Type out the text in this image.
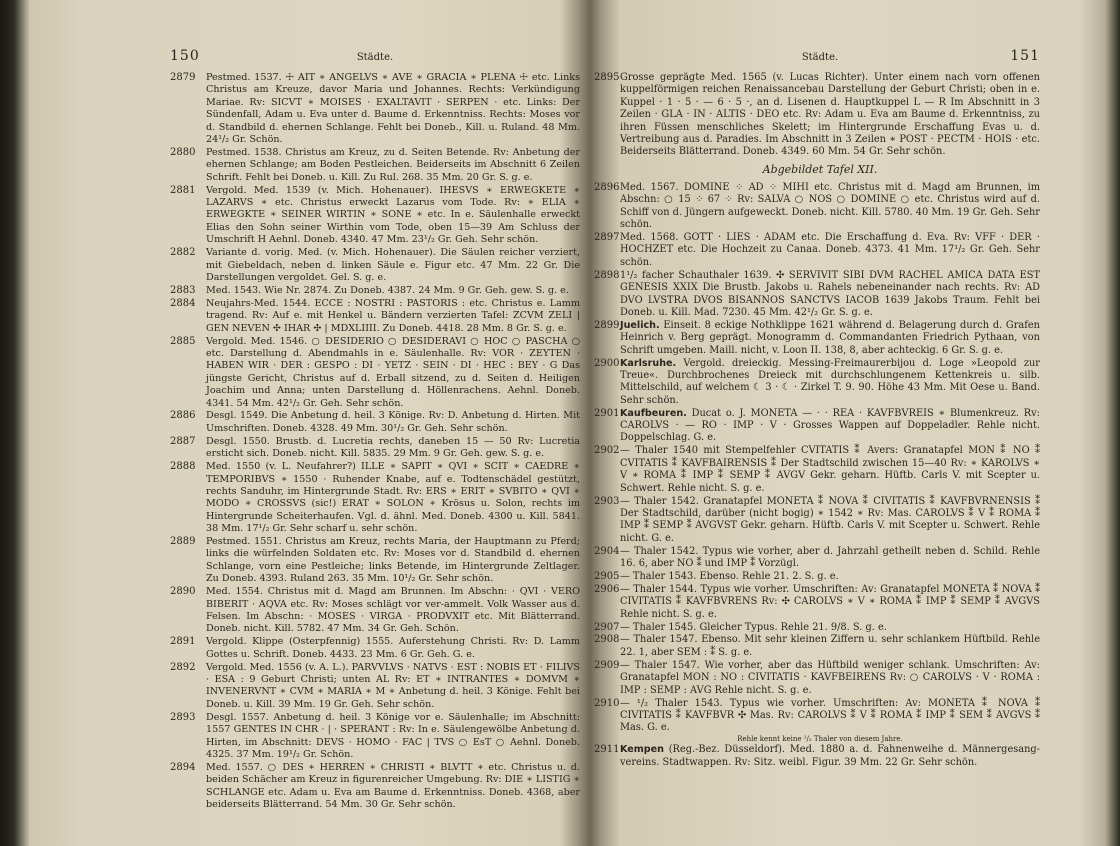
150	Städte.
2879 Pestmed. 1537. ☩ AIT ∗ ANGELVS ∗ AVE ∗ GRACIA ∗ PLENA ☩ etc. Links Christus am Kreuze, davor Maria und Johannes. Rechts: Verkündigung Mariae. Rv: SICVT ∗ MOISES · EXALTAVIT · SERPEN · etc. Links: Der Sündenfall, Adam u. Eva unter d. Baume d. Erkenntniss. Rechts: Moses vor d. Standbild d. ehernen Schlange. Fehlt bei Doneb., Kill. u. Ruland. 48 Mm. 24¹/₂ Gr. Schön.
2880 Pestmed. 1538. Christus am Kreuz, zu d. Seiten Betende. Rv: Anbetung der ehernen Schlange; am Boden Pestleichen. Beiderseits im Abschnitt 6 Zeilen Schrift. Fehlt bei Doneb. u. Kill. Zu Rul. 268. 35 Mm. 20 Gr. S. g. e.
2881 Vergold. Med. 1539 (v. Mich. Hohenauer). IHESVS ∗ ERWEGKETE ∗ LAZARVS ∗ etc. Christus erweckt Lazarus vom Tode. Rv: ∗ ELIA ∗ ERWEGKTE ∗ SEINER WIRTIN ∗ SONE ∗ etc. In e. Säulenhalle erweckt Elias den Sohn seiner Wirthin vom Tode, oben 15—39 Am Schluss der Umschrift H Aehnl. Doneb. 4340. 47 Mm. 23¹/₂ Gr. Geh. Sehr schön.
2882 Variante d. vorig. Med. (v. Mich. Hohenauer). Die Säulen reicher verziert, mit Giebeldach, neben d. linken Säule e. Figur etc. 47 Mm. 22 Gr. Die Darstellungen vergoldet. Gel. S. g. e.
2883 Med. 1543. Wie Nr. 2874. Zu Doneb. 4387. 24 Mm. 9 Gr. Geh. gew. S. g. e.
2884 Neujahrs-Med. 1544. ECCE : NOSTRI : PASTORIS : etc. Christus e. Lamm tragend. Rv: Auf e. mit Henkel u. Bändern verzierten Tafel: ZCVM ZELI | GEN NEVEN ✣ IHAR ✣ | MDXLIIII. Zu Doneb. 4418. 28 Mm. 8 Gr. S. g. e.
2885 Vergold. Med. 1546. ○ DESIDERIO ○ DESIDERAVI ○ HOC ○ PASCHA ○ etc. Darstellung d. Abendmahls in e. Säulenhalle. Rv: VOR · ZEYTEN · HABEN WIR · DER : GESPO : DI · YETZ · SEIN · DI · HEC : BEY · G Das jüngste Gericht, Christus auf d. Erball sitzend, zu d. Seiten d. Heiligen Joachim und Anna; unten Darstellung d. Höllenrachens. Aehnl. Doneb. 4341. 54 Mm. 42¹/₂ Gr. Geh. Sehr schön.
2886 Desgl. 1549. Die Anbetung d. heil. 3 Könige. Rv: D. Anbetung d. Hirten. Mit Umschriften. Doneb. 4328. 49 Mm. 30¹/₂ Gr. Geh. Sehr schön.
2887 Desgl. 1550. Brustb. d. Lucretia rechts, daneben 15 — 50 Rv: Lucretia ersticht sich. Doneb. nicht. Kill. 5835. 29 Mm. 9 Gr. Geh. gew. S. g. e.
2888 Med. 1550 (v. L. Neufahrer?) ILLE ∗ SAPIT ∗ QVI ∗ SCIT ∗ CAEDRE ∗ TEMPORIBVS ∗ 1550 · Ruhender Knabe, auf e. Todtenschädel gestützt, rechts Sanduhr, im Hintergrunde Stadt. Rv: ERS ∗ ERIT ∗ SVBITO ∗ QVI ∗ MODO ∗ CROSSVS (sic!) ERAT ∗ SOLON ∗ Krösus u. Solon, rechts im Hintergrunde Scheiterhaufen. Vgl. d. ähnl. Med. Doneb. 4300 u. Kill. 5841. 38 Mm. 17¹/₂ Gr. Sehr scharf u. sehr schön.
2889 Pestmed. 1551. Christus am Kreuz, rechts Maria, der Hauptmann zu Pferd; links die würfelnden Soldaten etc. Rv: Moses vor d. Standbild d. ehernen Schlange, vorn eine Pestleiche; links Betende, im Hintergrunde Zeltlager. Zu Doneb. 4393. Ruland 263. 35 Mm. 10¹/₂ Gr. Sehr schön.
2890 Med. 1554. Christus mit d. Magd am Brunnen. Im Abschn: · QVI · VERO BIBERIT · AQVA etc. Rv: Moses schlägt vor ver-ammelt. Volk Wasser aus d. Felsen. Im Abschn: · MOSES · VIRGA · PRODVXIT etc. Mit Blätterrand. Doneb. nicht. Kill. 5782. 47 Mm. 34 Gr. Geh. Schön.
2891 Vergold. Klippe (Osterpfennig) 1555. Auferstehung Christi. Rv: D. Lamm Gottes u. Schrift. Doneb. 4433. 23 Mm. 6 Gr. Geh. G. e.
2892 Vergold. Med. 1556 (v. A. L.). PARVVLVS · NATVS · EST : NOBIS ET · FILIVS · ESA : 9 Geburt Christi; unten AL Rv: ET ∗ INTRANTES ∗ DOMVM ∗ INVENERVNT ∗ CVM ∗ MARIA ∗ M ∗ Anbetung d. heil. 3 Könige. Fehlt bei Doneb. u. Kill. 39 Mm. 19 Gr. Geh. Sehr schön.
2893 Desgl. 1557. Anbetung d. heil. 3 Könige vor e. Säulenhalle; im Abschnitt: 1557 GENTES IN CHR · | · SPERANT : Rv: In e. Säulengewölbe Anbetung d. Hirten, im Abschnitt: DEVS · HOMO · FAC | TVS ○ EsT ○ Aehnl. Doneb. 4325. 37 Mm. 19¹/₂ Gr. Schön.
2894 Med. 1557. ○ DES ∗ HERREN ∗ CHRISTI ∗ BLVTT ∗ etc. Christus u. d. beiden Schächer am Kreuz in figurenreicher Umgebung. Rv: DIE ∗ LISTIG ∗ SCHLANGE etc. Adam u. Eva am Baume d. Erkenntniss. Doneb. 4368, aber beiderseits Blätterrand. 54 Mm. 30 Gr. Sehr schön.
Städte.	151
2895 Grosse geprägte Med. 1565 (v. Lucas Richter). Unter einem nach vorn offenen kuppelförmigen reichen Renaissancebau Darstellung der Geburt Christi; oben in e. Kuppel · 1 · 5 · — 6 · 5 ·, an d. Lisenen d. Hauptkuppel L — R Im Abschnitt in 3 Zeilen · GLA · IN · ALTIS · DEO etc. Rv: Adam u. Eva am Baume d. Erkenntniss, zu ihren Füssen menschliches Skelett; im Hintergrunde Erschaffung Evas u. d. Vertreibung aus d. Paradies. Im Abschnitt in 3 Zeilen ∗ POST · PECTM · HOIS · etc. Beiderseits Blätterrand. Doneb. 4349. 60 Mm. 54 Gr. Sehr schön.
Abgebildet Tafel XII.
2896 Med. 1567. DOMINE ⁘ AD ⁘ MIHI etc. Christus mit d. Magd am Brunnen, im Abschn: ○ 15 ⁘ 67 ⁘ Rv: SALVA ○ NOS ○ DOMINE ○ etc. Christus wird auf d. Schiff von d. Jüngern aufgeweckt. Doneb. nicht. Kill. 5780. 40 Mm. 19 Gr. Geh. Sehr schön.
2897 Med. 1568. GOTT · LIES · ADAM etc. Die Erschaffung d. Eva. Rv: VFF · DER · HOCHZET etc. Die Hochzeit zu Canaa. Doneb. 4373. 41 Mm. 17¹/₂ Gr. Geh. Sehr schön.
2898 1¹/₂ facher Schauthaler 1639. ✣ SERVIVIT SIBI DVM RACHEL AMICA DATA EST GENESIS XXIX Die Brustb. Jakobs u. Rahels nebeneinander nach rechts. Rv: AD DVO LVSTRA DVOS BISANNOS SANCTVS IACOB 1639 Jakobs Traum. Fehlt bei Doneb. u. Kill. Mad. 7230. 45 Mm. 42¹/₂ Gr. S. g. e.
2899 Juelich. Einseit. 8 eckige Nothklippe 1621 während d. Belagerung durch d. Grafen Heinrich v. Berg geprägt. Monogramm d. Commandanten Friedrich Pythaan, von Schrift umgeben. Maill. nicht, v. Loon II. 138, 8, aber achteckig. 6 Gr. S. g. e.
2900 Karlsruhe. Vergold. dreieckig. Messing-Freimaurerbijou d. Loge »Leopold zur Treue«. Durchbrochenes Dreieck mit durchschlungenem Kettenkreis u. silb. Mittelschild, auf welchem ☾ 3 · ☾ · Zirkel T. 9. 90. Höhe 43 Mm. Mit Oese u. Band. Sehr schön.
2901 Kaufbeuren. Ducat o. J. MONETA — · · REA · KAVFBVREIS ∗ Blumenkreuz. Rv: CAROLVS · — RO · IMP · V · Grosses Wappen auf Doppeladler. Rehle nicht. Doppelschlag. G. e.
2902 — Thaler 1540 mit Stempelfehler CVITATIS ⁑ Avers: Granatapfel MON ⁑ NO ⁑ CVITATIS ⁑ KAVFBAIRENSIS ⁑ Der Stadtschild zwischen 15—40 Rv: ∗ KAROLVS ∗ V ∗ ROMA ⁑ IMP ⁑ SEMP ⁑ AVGV Gekr. geharn. Hüftb. Carls V. mit Scepter u. Schwert. Rehle nicht. S. g. e.
2903 — Thaler 1542. Granatapfel MONETA ⁑ NOVA ⁑ CIVITATIS ⁑ KAVFBVRNENSIS ⁑ Der Stadtschild, darüber (nicht bogig) ∗ 1542 ∗ Rv: Mas. CAROLVS ⁑ V ⁑ ROMA ⁑ IMP ⁑ SEMP ⁑ AVGVST Gekr. geharn. Hüftb. Carls V. mit Scepter u. Schwert. Rehle nicht. G. e.
2904 — Thaler 1542. Typus wie vorher, aber d. Jahrzahl getheilt neben d. Schild. Rehle 16. 6, aber NO ⁑ und IMP ⁑ Vorzügl.
2905 — Thaler 1543. Ebenso. Rehle 21. 2. S. g. e.
2906 — Thaler 1544. Typus wie vorher. Umschriften: Av: Granatapfel MONETA ⁑ NOVA ⁑ CIVITATIS ⁑ KAVFBVRENS Rv: ✣ CAROLVS ∗ V ∗ ROMA ⁑ IMP ⁑ SEMP ⁑ AVGVS Rehle nicht. S. g. e.
2907 — Thaler 1545. Gleicher Typus. Rehle 21. 9/8. S. g. e.
2908 — Thaler 1547. Ebenso. Mit sehr kleinen Ziffern u. sehr schlankem Hüftbild. Rehle 22. 1, aber SEM : ⁑ S. g. e.
2909 — Thaler 1547. Wie vorher, aber das Hüftbild weniger schlank. Umschriften: Av: Granatapfel MON : NO : CIVITATIS · KAVFBEIRENS Rv: ○ CAROLVS · V · ROMA : IMP : SEMP : AVG Rehle nicht. S. g. e.
2910 — ¹/₂ Thaler 1543. Typus wie vorher. Umschriften: Av: MONETA ⁑ NOVA ⁑ CIVITATIS ⁑ KAVFBVR ✣ Mas. Rv: CAROLVS ⁑ V ⁑ ROMA ⁑ IMP ⁑ SEM ⁑ AVGVS ⁑ Mas. G. e.
Rehle kennt keine ¹/₂ Thaler von diesem Jahre.
2911 Kempen (Reg.-Bez. Düsseldorf). Med. 1880 a. d. Fahnenweihe d. Männergesang-vereins. Stadtwappen. Rv: Sitz. weibl. Figur. 39 Mm. 22 Gr. Sehr schön.
